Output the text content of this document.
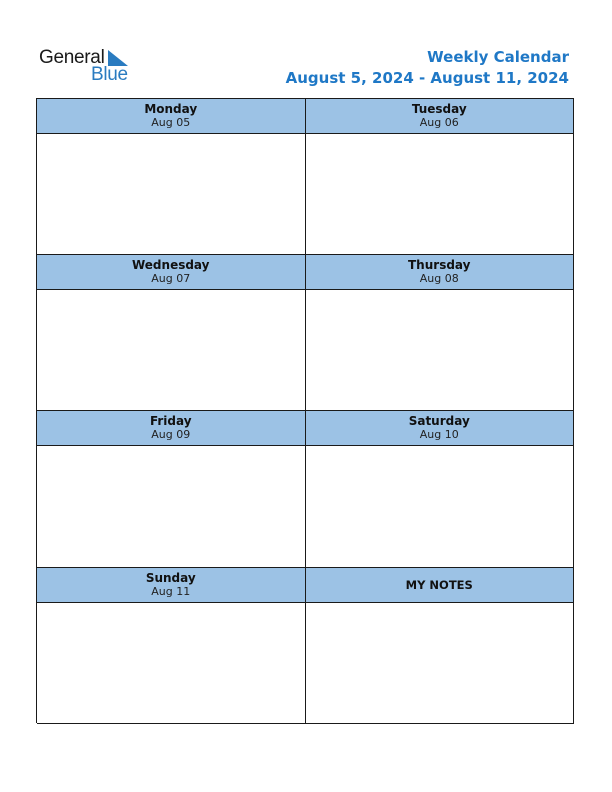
General
Blue
Weekly Calendar
August 5, 2024 - August 11, 2024
Monday
Aug 05
Tuesday
Aug 06
Wednesday
Aug 07
Thursday
Aug 08
Friday
Aug 09
Saturday
Aug 10
Sunday
Aug 11	MY NOTES
